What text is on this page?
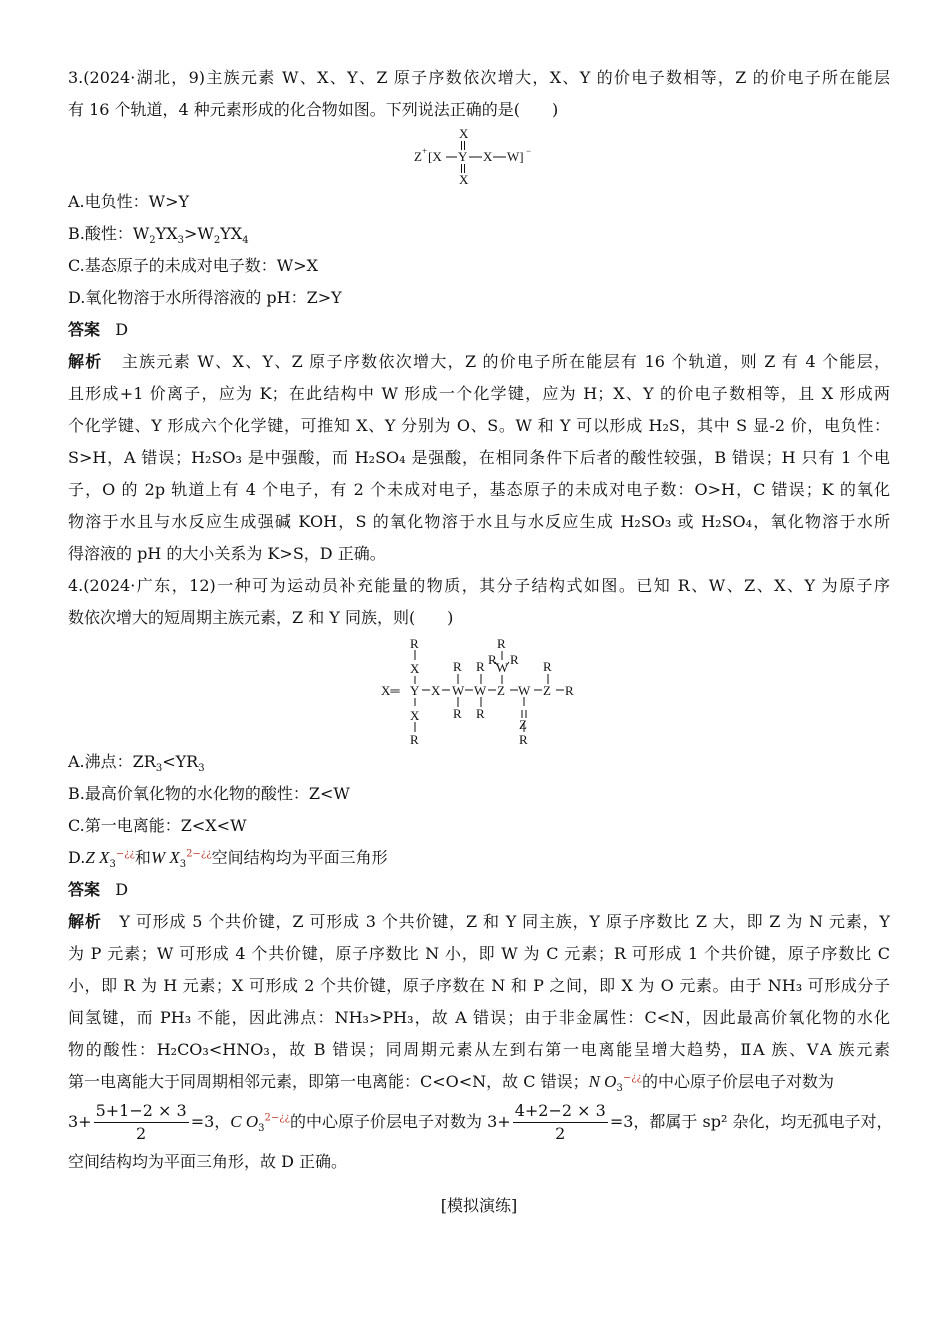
3.(2024·湖北，9)主族元素 W、X、Y、Z 原子序数依次增大，X、Y 的价电子数相等，Z 的价电子所在能层
有 16 个轨道，4 种元素形成的化合物如图。下列说法正确的是(　　)
X
Z + [X Y X W] −
X
A.电负性：W>Y
B.酸性：$W_2YX_3>W_2YX_4$
C.基态原子的未成对电子数：W>X
D.氧化物溶于水所得溶液的 pH：Z>Y
答案 D
解析 主族元素 W、X、Y、Z 原子序数依次增大，Z 的价电子所在能层有 16 个轨道，则 Z 有 4 个能层，
且形成+1 价离子，应为 K；在此结构中 W 形成一个化学键，应为 H；X、Y 的价电子数相等，且 X 形成两
个化学键、Y 形成六个化学键，可推知 X、Y 分别为 O、S。W 和 Y 可以形成 H₂S，其中 S 显-2 价，电负性：
S>H，A 错误；H₂SO₃ 是中强酸，而 H₂SO₄ 是强酸，在相同条件下后者的酸性较强，B 错误；H 只有 1 个电
子，O 的 2p 轨道上有 4 个电子，有 2 个未成对电子，基态原子的未成对电子数：O>H，C 错误；K 的氧化
物溶于水且与水反应生成强碱 KOH，S 的氧化物溶于水且与水反应生成 H₂SO₃ 或 H₂SO₄，氧化物溶于水所
得溶液的 pH 的大小关系为 K>S，D 正确。
4.(2024·广东，12)一种可为运动员补充能量的物质，其分子结构式如图。已知 R、W、Z、X、Y 为原子序
数依次增大的短周期主族元素，Z 和 Y 同族，则(　　)
R
X
X═ Y
X
R
X
R
W
R
R
W
R
R
R
W
R
Z W
Z
R
R
Z R
A.沸点：$ZR_3<YR_3$
B.最高价氧化物的水化物的酸性：Z<W
C.第一电离能：Z<X<W
D.Z $X_3^{-¿¿}$和W $X_3^{2-¿¿}$空间结构均为平面三角形
答案 D
解析 Y 可形成 5 个共价键，Z 可形成 3 个共价键，Z 和 Y 同主族，Y 原子序数比 Z 大，即 Z 为 N 元素，Y
为 P 元素；W 可形成 4 个共价键，原子序数比 N 小，即 W 为 C 元素；R 可形成 1 个共价键，原子序数比 C
小，即 R 为 H 元素；X 可形成 2 个共价键，原子序数在 N 和 P 之间，即 X 为 O 元素。由于 NH₃ 可形成分子
间氢键，而 PH₃ 不能，因此沸点：NH₃>PH₃，故 A 错误；由于非金属性：C<N，因此最高价氧化物的水化
物的酸性：H₂CO₃<HNO₃，故 B 错误；同周期元素从左到右第一电离能呈增大趋势，ⅡA 族、ⅤA 族元素
第一电离能大于同周期相邻元素，即第一电离能：C<O<N，故 C 错误；N $O_3^{-¿¿}$的中心原子价层电子对数为
$3+ \frac{5+1-2 \times 3}{2} =3$，C $O_3^{2-¿¿}$的中心原子价层电子对数为 $3+ \frac{4+2-2 \times 3}{2} =3$，都属于 sp² 杂化，均无孤电子对，
空间结构均为平面三角形，故 D 正确。
[模拟演练]
